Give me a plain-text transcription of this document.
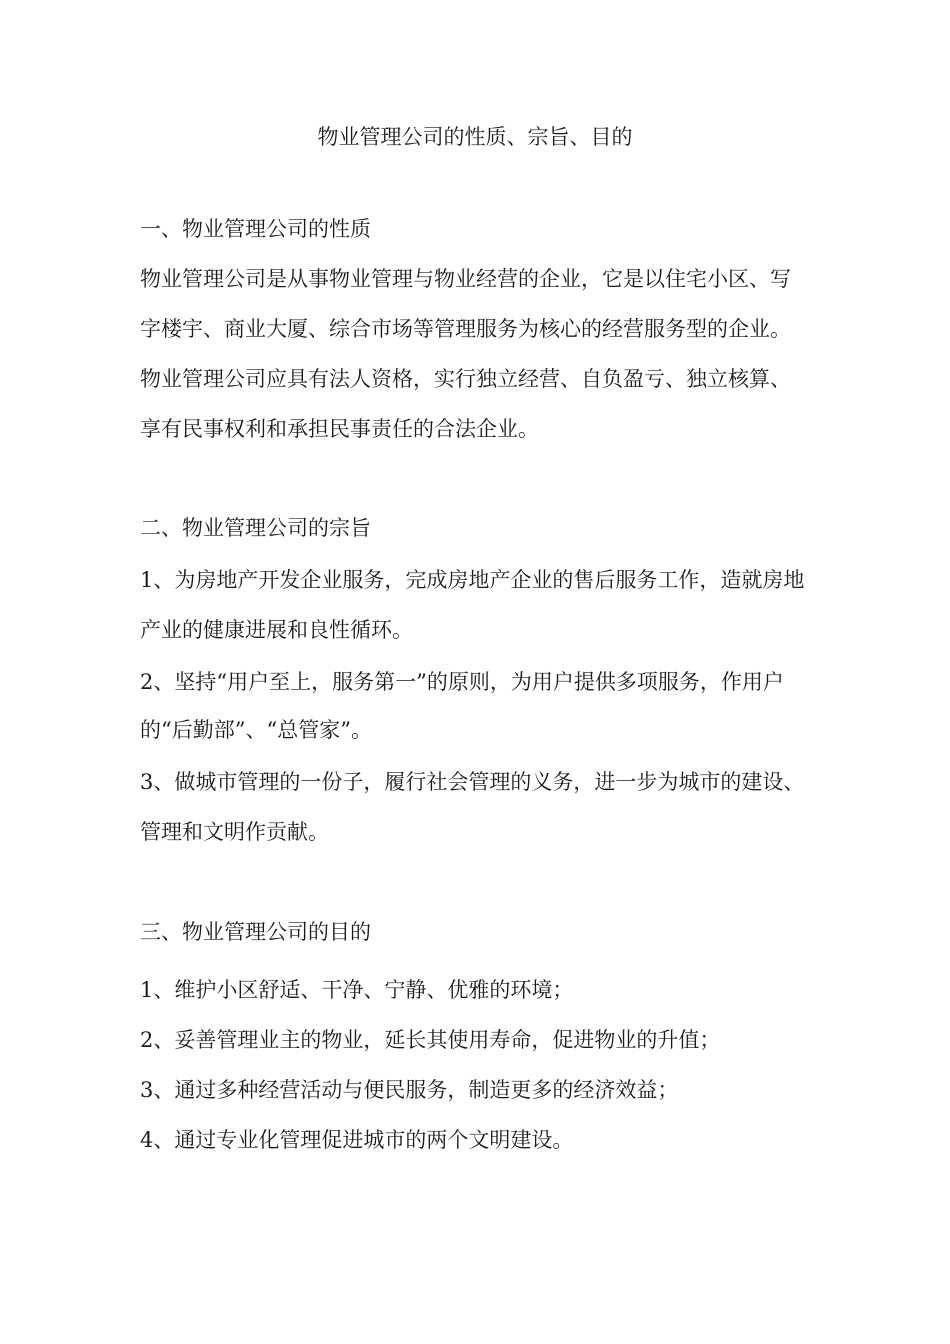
物业管理公司的性质、宗旨、目的
一、物业管理公司的性质
物业管理公司是从事物业管理与物业经营的企业，它是以住宅小区、写
字楼宇、商业大厦、综合市场等管理服务为核心的经营服务型的企业。
物业管理公司应具有法人资格，实行独立经营、自负盈亏、独立核算、
享有民事权利和承担民事责任的合法企业。
二、物业管理公司的宗旨
1、为房地产开发企业服务，完成房地产企业的售后服务工作，造就房地
产业的健康进展和良性循环。
2、坚持“用户至上，服务第一”的原则，为用户提供多项服务，作用户
的“后勤部”、“总管家”。
3、做城市管理的一份子，履行社会管理的义务，进一步为城市的建设、
管理和文明作贡献。
三、物业管理公司的目的
1、维护小区舒适、干净、宁静、优雅的环境；
2、妥善管理业主的物业，延长其使用寿命，促进物业的升值；
3、通过多种经营活动与便民服务，制造更多的经济效益；
4、通过专业化管理促进城市的两个文明建设。
